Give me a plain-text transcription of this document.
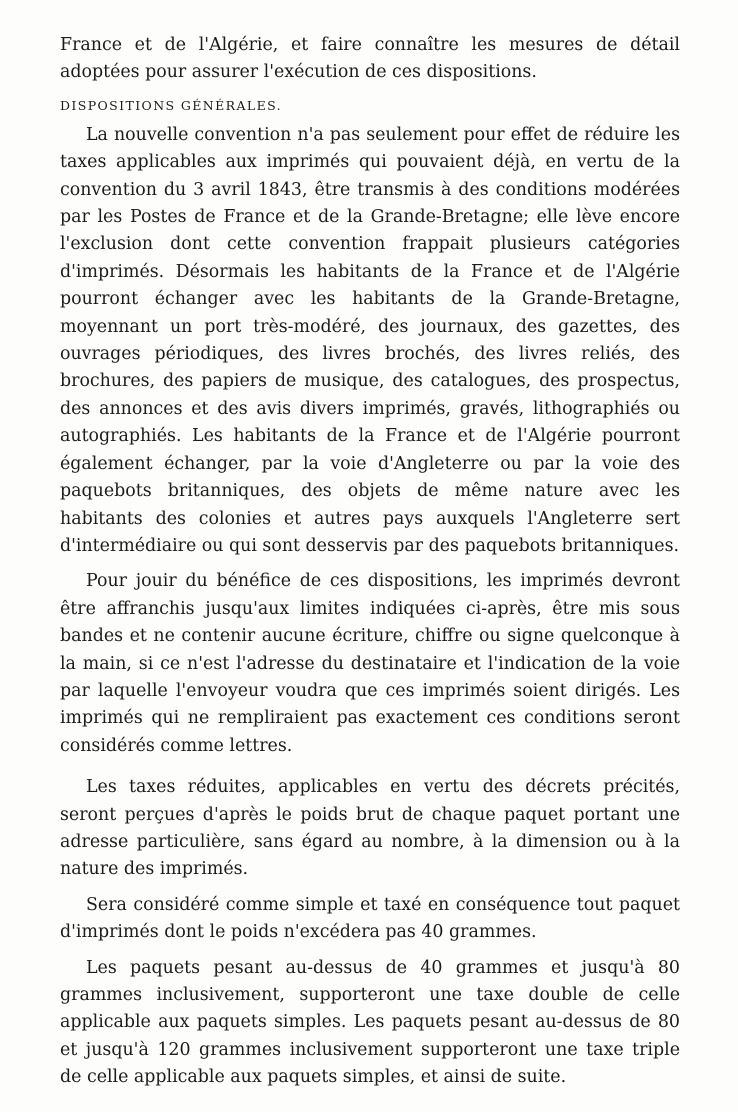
France et de l'Algérie, et faire connaître les mesures de détail adoptées pour assurer l'exécution de ces dispositions.

DISPOSITIONS GÉNÉRALES.

La nouvelle convention n'a pas seulement pour effet de réduire les taxes applicables aux imprimés qui pouvaient déjà, en vertu de la convention du 3 avril 1843, être transmis à des conditions modérées par les Postes de France et de la Grande-Bretagne; elle lève encore l'exclusion dont cette convention frappait plusieurs catégories d'imprimés. Désormais les habitants de la France et de l'Algérie pourront échanger avec les habitants de la Grande-Bretagne, moyennant un port très-modéré, des journaux, des gazettes, des ouvrages périodiques, des livres brochés, des livres reliés, des brochures, des papiers de musique, des catalogues, des prospectus, des annonces et des avis divers imprimés, gravés, lithographiés ou autographiés. Les habitants de la France et de l'Algérie pourront également échanger, par la voie d'Angleterre ou par la voie des paquebots britanniques, des objets de même nature avec les habitants des colonies et autres pays auxquels l'Angleterre sert d'intermédiaire ou qui sont desservis par des paquebots britanniques.

Pour jouir du bénéfice de ces dispositions, les imprimés devront être affranchis jusqu'aux limites indiquées ci-après, être mis sous bandes et ne contenir aucune écriture, chiffre ou signe quelconque à la main, si ce n'est l'adresse du destinataire et l'indication de la voie par laquelle l'envoyeur voudra que ces imprimés soient dirigés. Les imprimés qui ne rempliraient pas exactement ces conditions seront considérés comme lettres.

Les taxes réduites, applicables en vertu des décrets précités, seront perçues d'après le poids brut de chaque paquet portant une adresse particulière, sans égard au nombre, à la dimension ou à la nature des imprimés.

Sera considéré comme simple et taxé en conséquence tout paquet d'imprimés dont le poids n'excédera pas 40 grammes.

Les paquets pesant au-dessus de 40 grammes et jusqu'à 80 grammes inclusivement, supporteront une taxe double de celle applicable aux paquets simples. Les paquets pesant au-dessus de 80 et jusqu'à 120 grammes inclusivement supporteront une taxe triple de celle applicable aux paquets simples, et ainsi de suite.
